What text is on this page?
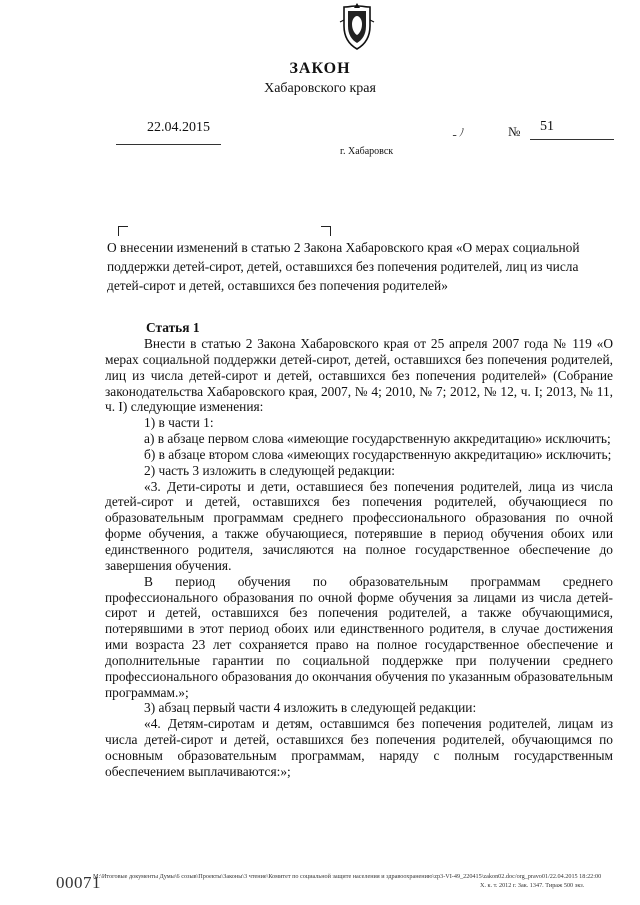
ЗАКОН
Хабаровского края
22.04.2015	ـ ﾉ	№ 51
г. Хабаровск
О внесении изменений в статью 2 Закона Хабаровского края «О мерах социальной поддержки детей-сирот, детей, оставшихся без попечения родителей, лиц из числа детей-сирот и детей, оставшихся без попечения родителей»
Статья 1

Внести в статью 2 Закона Хабаровского края от 25 апреля 2007 года № 119 «О мерах социальной поддержки детей-сирот, детей, оставшихся без попечения родителей, лиц из числа детей-сирот и детей, оставшихся без попечения родителей» (Собрание законодательства Хабаровского края, 2007, № 4; 2010, № 7; 2012, № 12, ч. I; 2013, № 11, ч. I) следующие изменения:

1) в части 1:

а) в абзаце первом слова «имеющие государственную аккредитацию» исключить;

б) в абзаце втором слова «имеющих государственную аккредитацию» исключить;

2) часть 3 изложить в следующей редакции:

«3. Дети-сироты и дети, оставшиеся без попечения родителей, лица из числа детей-сирот и детей, оставшихся без попечения родителей, обучающиеся по образовательным программам среднего профессионального образования по очной форме обучения, а также обучающиеся, потерявшие в период обучения обоих или единственного родителя, зачисляются на полное государственное обеспечение до завершения обучения.

В период обучения по образовательным программам среднего профессионального образования по очной форме обучения за лицами из числа детей-сирот и детей, оставшихся без попечения родителей, а также обучающимися, потерявшими в этот период обоих или единственного родителя, в случае достижения ими возраста 23 лет сохраняется право на полное государственное обеспечение и дополнительные гарантии по социальной поддержке при получении среднего профессионального образования до окончания обучения по указанным образовательным программам.»;

3) абзац первый части 4 изложить в следующей редакции:

«4. Детям-сиротам и детям, оставшимся без попечения родителей, лицам из числа детей-сирот и детей, оставшихся без попечения родителей, обучающимся по основным образовательным программам, наряду с полным государственным обеспечением выплачиваются:»;

00071
M:\Итоговые документы Думы\6 созыв\Проекты\Законы\3 чтение\Комитет по социальной защите населения и здравоохранению\zp3-VI-49_220415\zakon02.doc/org_pravo01/22.04.2015 18:22:00
Х. к. т. 2012 г. Зак. 1347. Тираж 500 экз.
